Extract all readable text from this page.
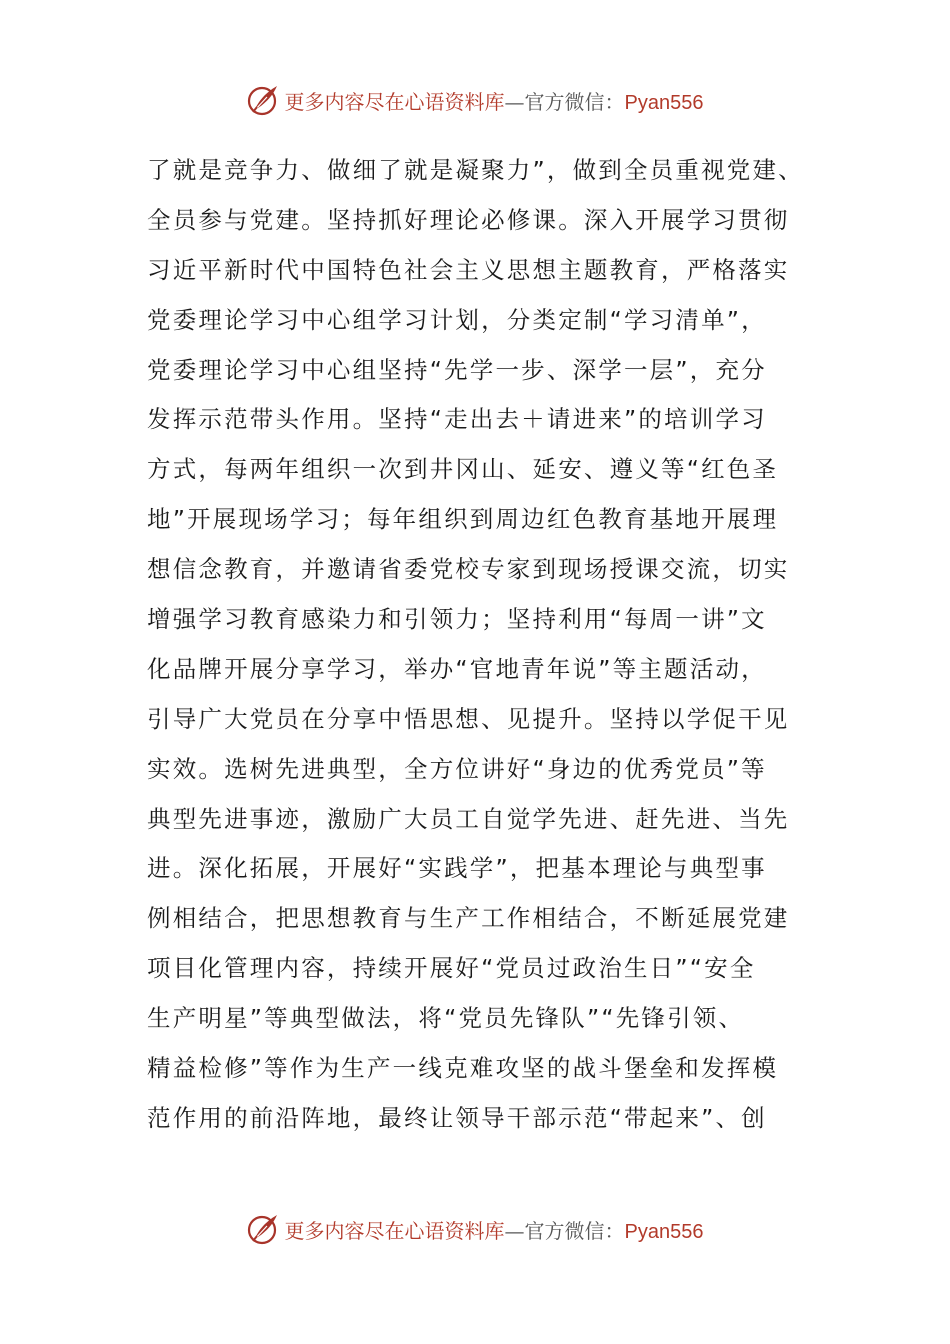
更多内容尽在心语资料库—官方微信：Pyan556
了就是竞争力、做细了就是凝聚力”，做到全员重视党建、
全员参与党建。坚持抓好理论必修课。深入开展学习贯彻
习近平新时代中国特色社会主义思想主题教育，严格落实
党委理论学习中心组学习计划，分类定制“学习清单”，
党委理论学习中心组坚持“先学一步、深学一层”，充分
发挥示范带头作用。坚持“走出去＋请进来”的培训学习
方式，每两年组织一次到井冈山、延安、遵义等“红色圣
地”开展现场学习；每年组织到周边红色教育基地开展理
想信念教育，并邀请省委党校专家到现场授课交流，切实
增强学习教育感染力和引领力；坚持利用“每周一讲”文
化品牌开展分享学习，举办“官地青年说”等主题活动，
引导广大党员在分享中悟思想、见提升。坚持以学促干见
实效。选树先进典型，全方位讲好“身边的优秀党员”等
典型先进事迹，激励广大员工自觉学先进、赶先进、当先
进。深化拓展，开展好“实践学”，把基本理论与典型事
例相结合，把思想教育与生产工作相结合，不断延展党建
项目化管理内容，持续开展好“党员过政治生日”“安全
生产明星”等典型做法，将“党员先锋队”“先锋引领、
精益检修”等作为生产一线克难攻坚的战斗堡垒和发挥模
范作用的前沿阵地，最终让领导干部示范“带起来”、创
更多内容尽在心语资料库—官方微信：Pyan556
